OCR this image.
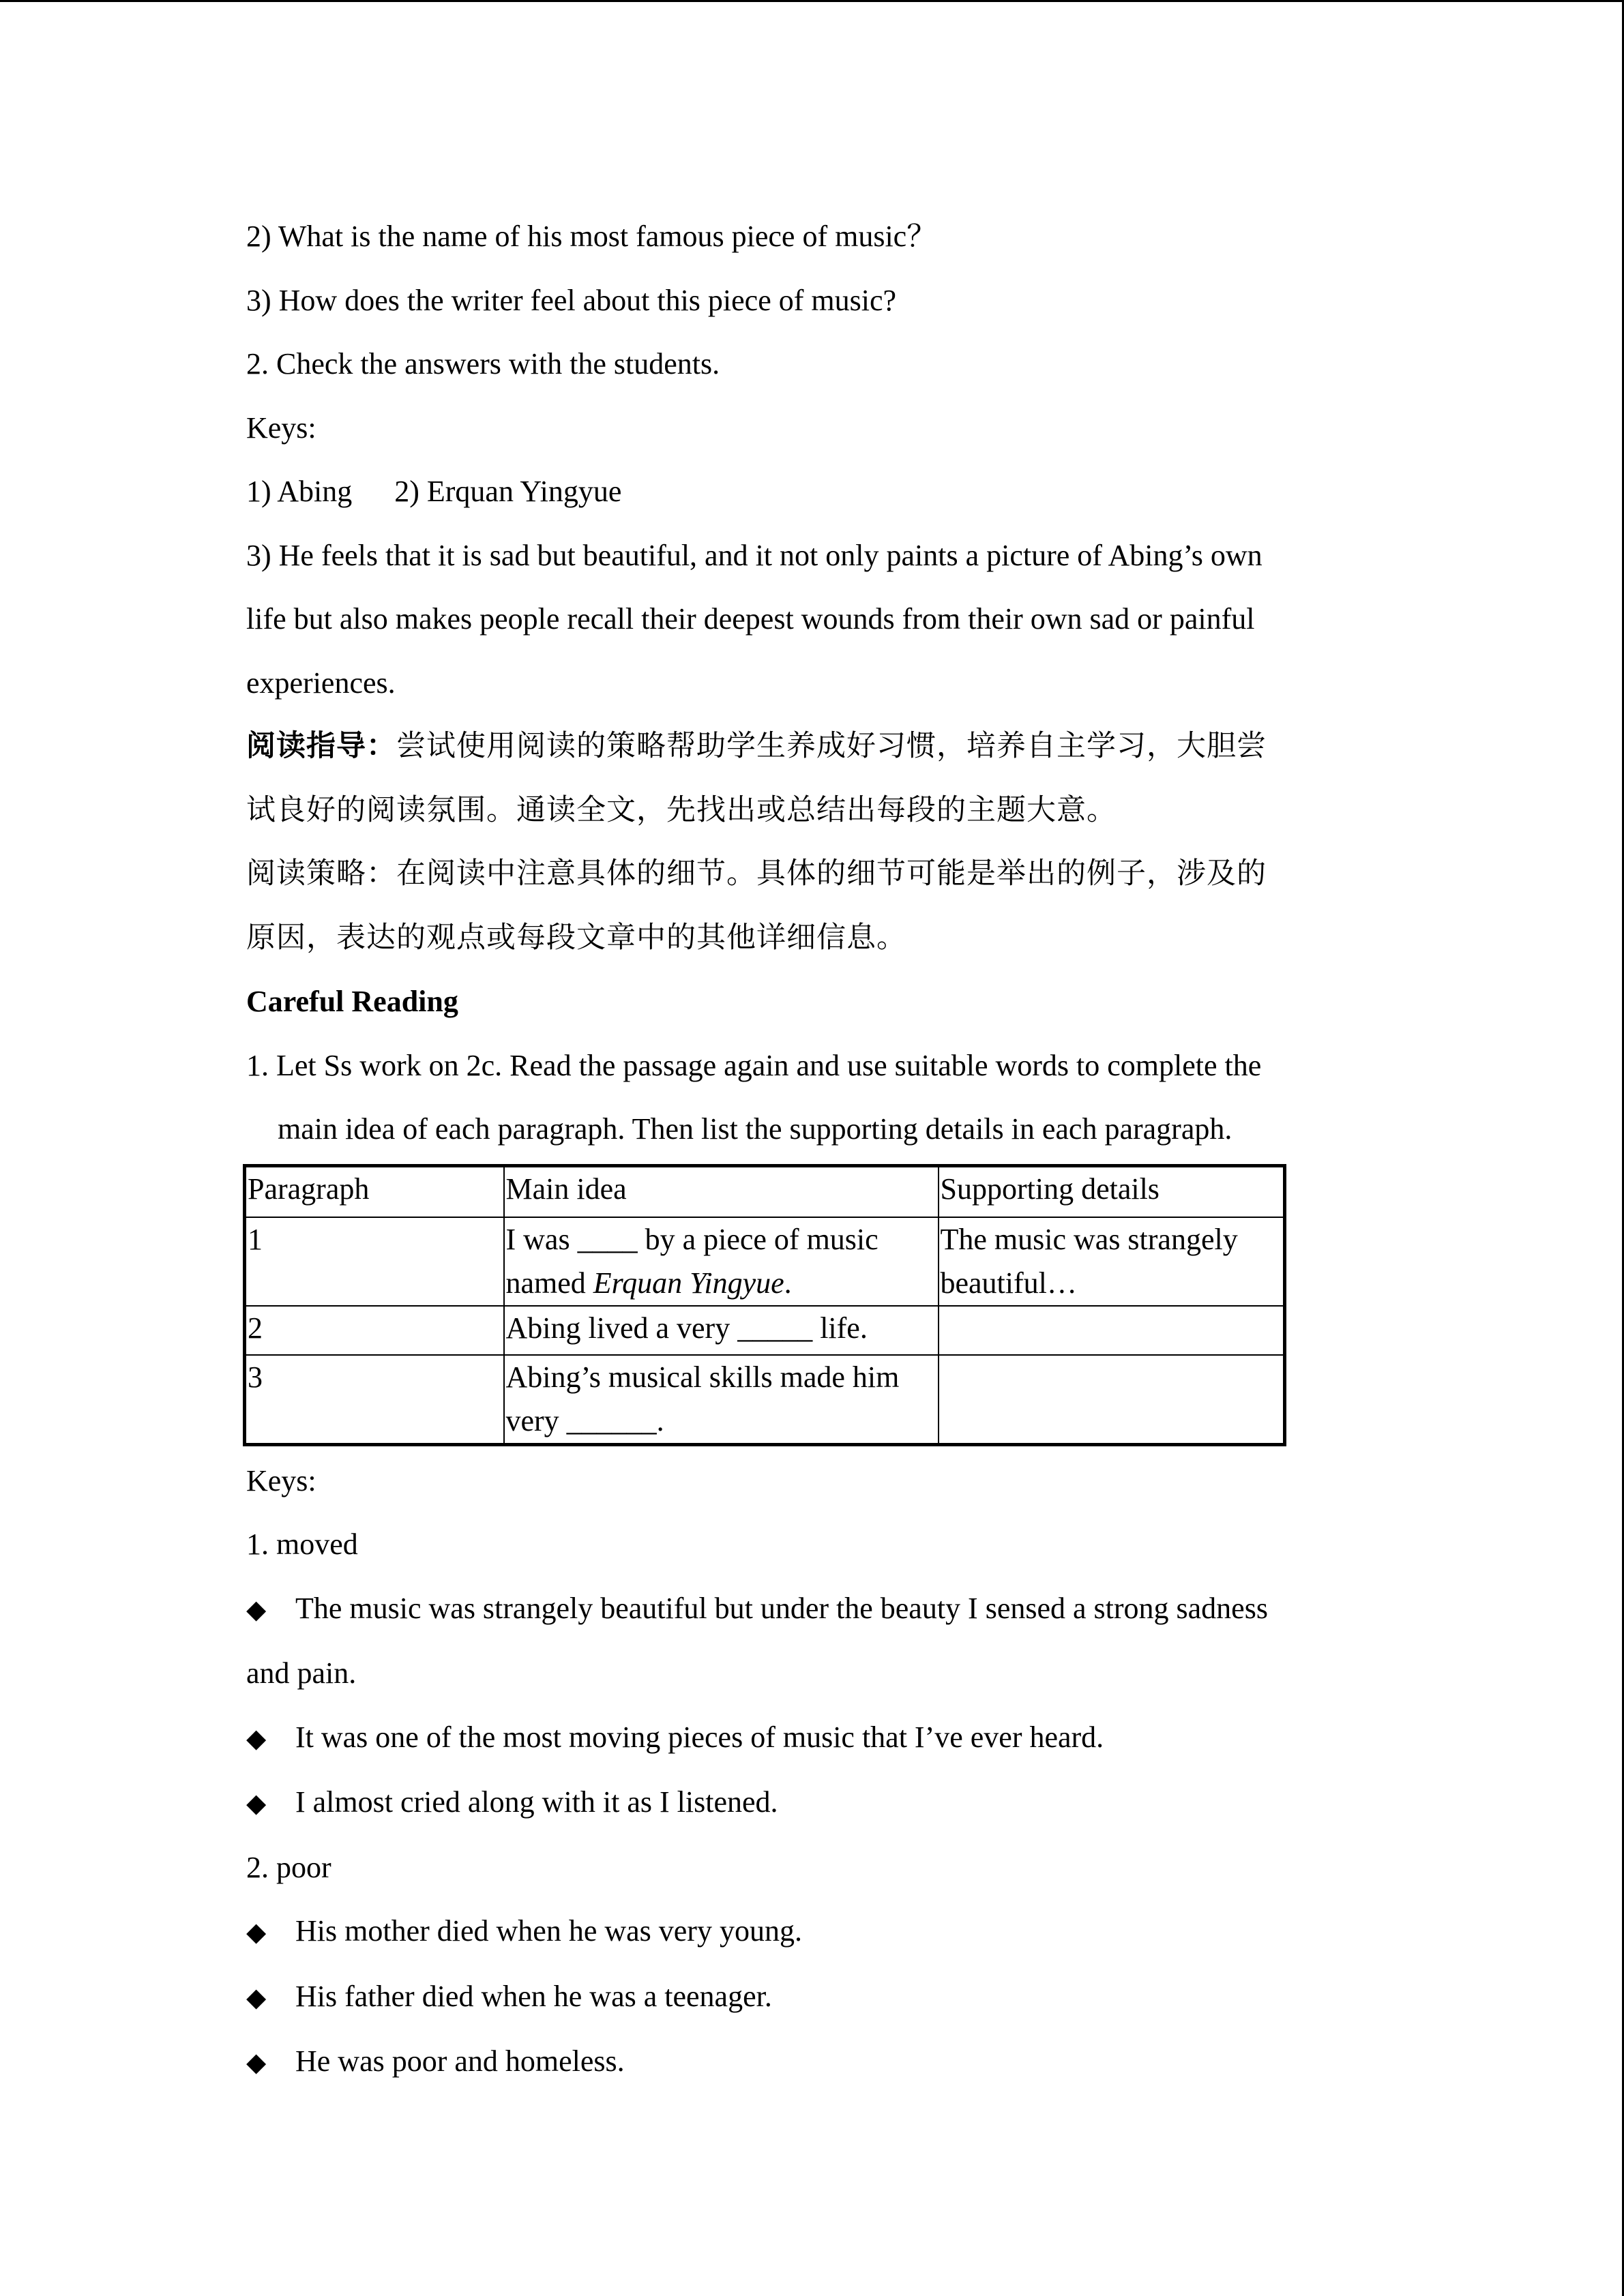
2) What is the name of his most famous piece of music？
3) How does the writer feel about this piece of music?
2. Check the answers with the students.
Keys:
1) Abing 2) Erquan Yingyue
3) He feels that it is sad but beautiful, and it not only paints a picture of Abing’s own
life but also makes people recall their deepest wounds from their own sad or painful
experiences.
阅读指导：尝试使用阅读的策略帮助学生养成好习惯，培养自主学习，大胆尝
试良好的阅读氛围。通读全文，先找出或总结出每段的主题大意。
阅读策略：在阅读中注意具体的细节。具体的细节可能是举出的例子，涉及的
原因，表达的观点或每段文章中的其他详细信息。
Careful Reading
1. Let Ss work on 2c. Read the passage again and use suitable words to complete the
main idea of each paragraph. Then list the supporting details in each paragraph.
Paragraph	Main idea	Supporting details
1	I was ____ by a piece of music named Erquan Yingyue.	The music was strangely beautiful…
2	Abing lived a very _____ life.	
3	Abing’s musical skills made him very ______.	
Keys:
1. moved
◆ The music was strangely beautiful but under the beauty I sensed a strong sadness
and pain.
◆ It was one of the most moving pieces of music that I’ve ever heard.
◆ I almost cried along with it as I listened.
2. poor
◆ His mother died when he was very young.
◆ His father died when he was a teenager.
◆ He was poor and homeless.
